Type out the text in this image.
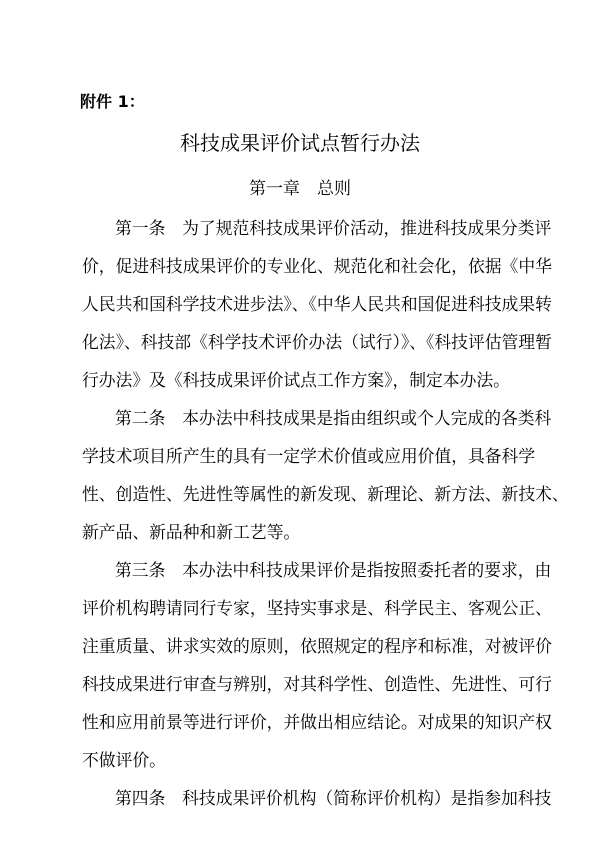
附件 1：
科技成果评价试点暂行办法
第一章　总则
第一条　为了规范科技成果评价活动，推进科技成果分类评
价，促进科技成果评价的专业化、规范化和社会化，依据《中华
人民共和国科学技术进步法》、《中华人民共和国促进科技成果转
化法》、科技部《科学技术评价办法（试行）》、《科技评估管理暂
行办法》及《科技成果评价试点工作方案》，制定本办法。
第二条　本办法中科技成果是指由组织或个人完成的各类科
学技术项目所产生的具有一定学术价值或应用价值，具备科学
性、创造性、先进性等属性的新发现、新理论、新方法、新技术、
新产品、新品种和新工艺等。
第三条　本办法中科技成果评价是指按照委托者的要求，由
评价机构聘请同行专家，坚持实事求是、科学民主、客观公正、
注重质量、讲求实效的原则，依照规定的程序和标准，对被评价
科技成果进行审查与辨别，对其科学性、创造性、先进性、可行
性和应用前景等进行评价，并做出相应结论。对成果的知识产权
不做评价。
第四条　科技成果评价机构（简称评价机构）是指参加科技
